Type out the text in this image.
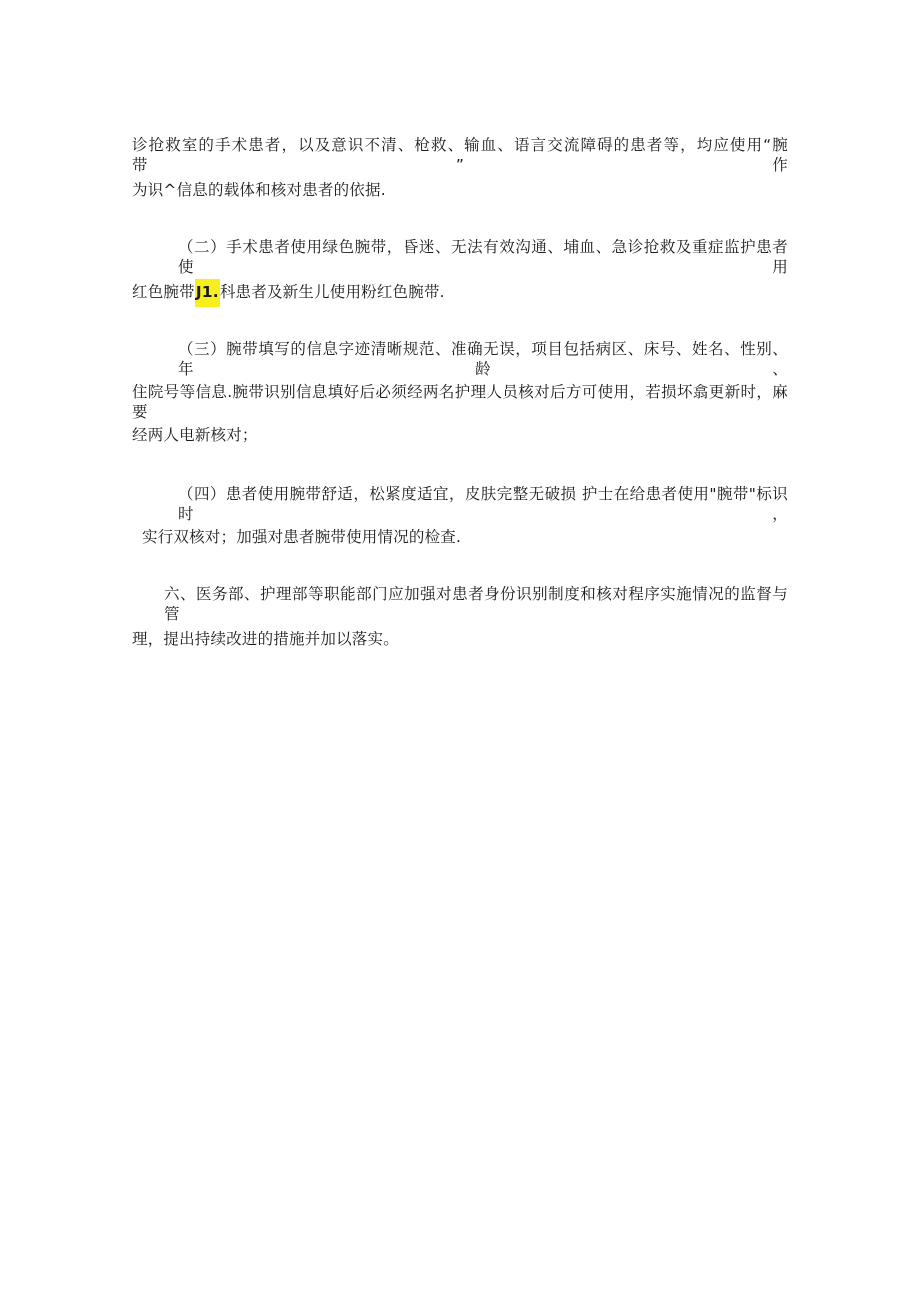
诊抢救室的手术患者，以及意识不清、枪救、输血、语言交流障碍的患者等，均应使用“腕带”作
为识^信息的载体和核对患者的依据.
（二）手术患者使用绿色腕带，昏迷、无法有效沟通、埔血、急诊抢救及重症监护患者使用
红色腕带J1.科患者及新生儿使用粉红色腕带.
（三）腕带填写的信息字迹清晰规范、准确无误，项目包括病区、床号、姓名、性别、年龄、
住院号等信息.腕带识别信息填好后必须经两名护理人员核对后方可使用，若损坏翕更新时，麻要
经两人电新核对；
（四）患者使用腕带舒适，松紧度适宜，皮肤完整无破损 护士在给患者使用"腕带"标识时，
实行双核对；加强对患者腕带使用情况的检查.
六、医务部、护理部等职能部门应加强对患者身份识别制度和核对程序实施情况的监督与管
理，提出持续改进的措施并加以落实。
